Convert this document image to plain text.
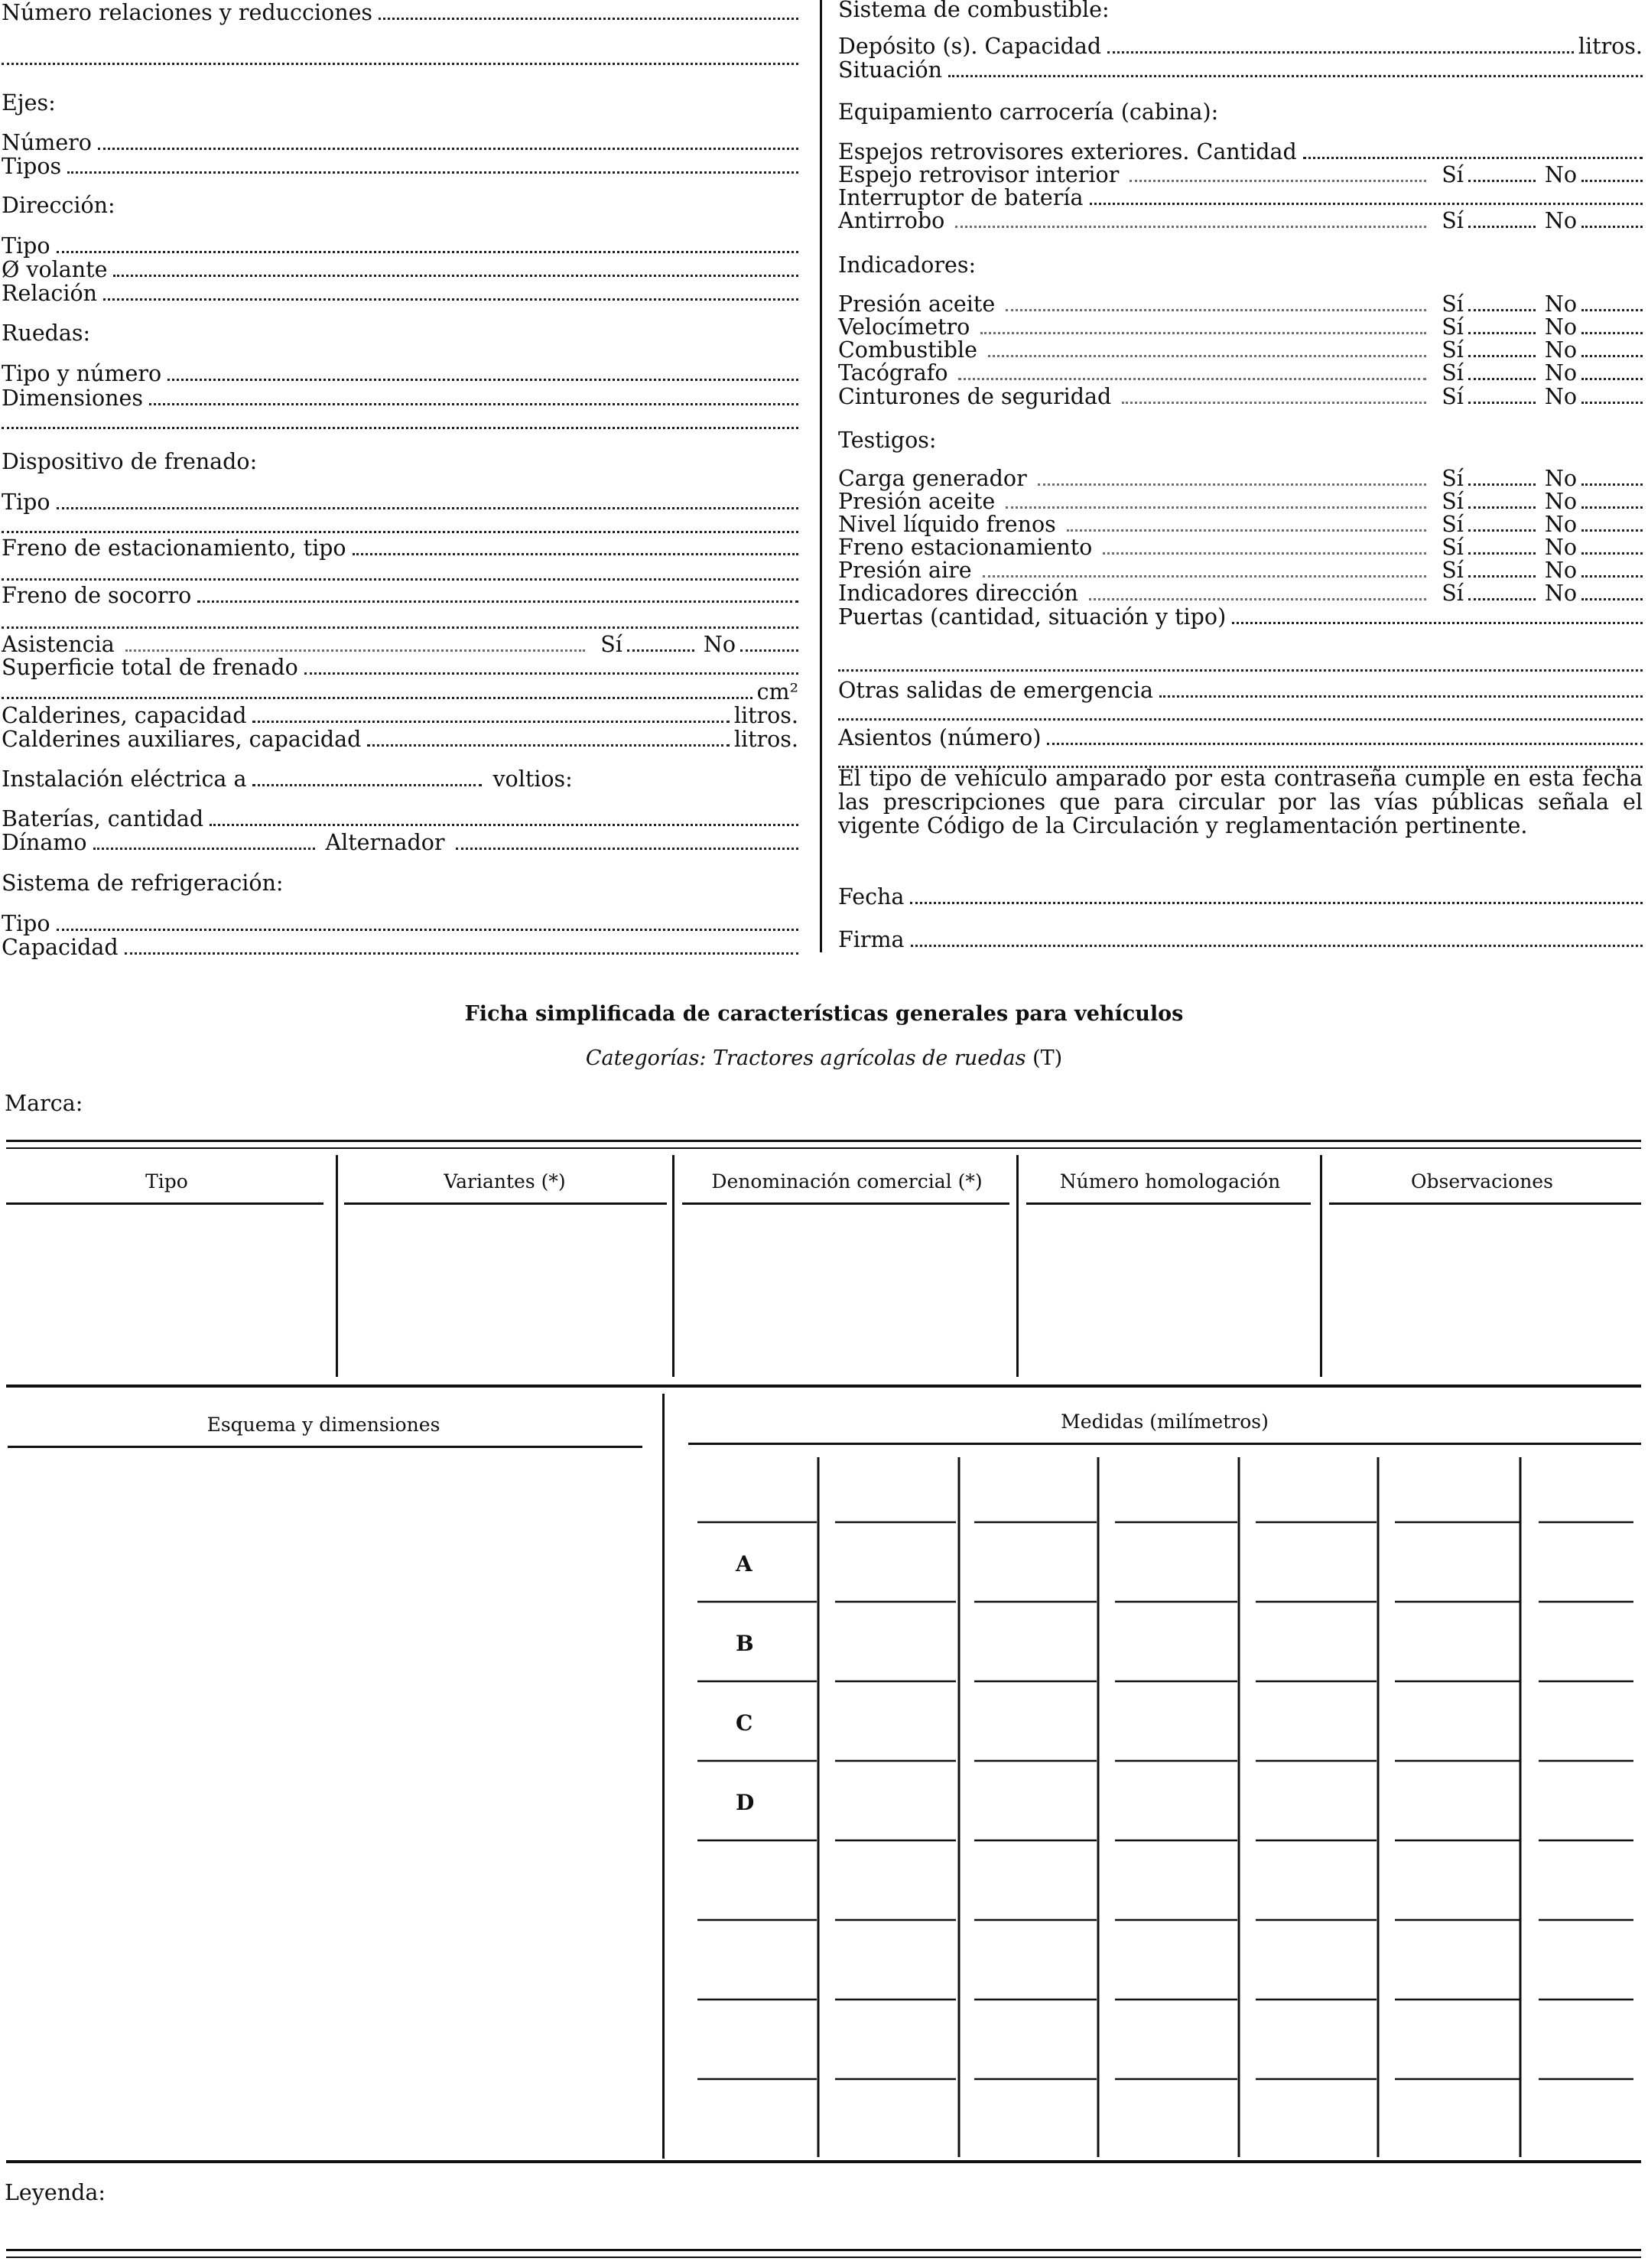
Número relaciones y reducciones
Ejes:
Número
Tipos
Dirección:
Tipo
Ø volante
Relación
Ruedas:
Tipo y número
Dimensiones
Dispositivo de frenado:
Tipo
Freno de estacionamiento, tipo
Freno de socorro
Asistencia	Sí	No
Superficie total de frenado
cm²
Calderines, capacidad	litros.
Calderines auxiliares, capacidad	litros.
Instalación eléctrica a	voltios:
Baterías, cantidad
Dínamo	Alternador
Sistema de refrigeración:
Tipo
Capacidad
Sistema de combustible:
Depósito (s). Capacidad	litros.
Situación
Equipamiento carrocería (cabina):
Espejos retrovisores exteriores. Cantidad
Espejo retrovisor interior	Sí	No
Interruptor de batería
Antirrobo	Sí	No
Indicadores:
Presión aceite	Sí	No
Velocímetro	Sí	No
Combustible	Sí	No
Tacógrafo	Sí	No
Cinturones de seguridad	Sí	No
Testigos:
Carga generador	Sí	No
Presión aceite	Sí	No
Nivel líquido frenos	Sí	No
Freno estacionamiento	Sí	No
Presión aire	Sí	No
Indicadores dirección	Sí	No
Puertas (cantidad, situación y tipo)
Otras salidas de emergencia
Asientos (número)
El tipo de vehículo amparado por esta contraseña cumple en esta fecha las prescripciones que para circular por las vías públicas señala el vigente Código de la Circulación y reglamentación pertinente.
Fecha
Firma
Ficha simplificada de características generales para vehículos
Categorías: Tractores agrícolas de ruedas (T)
Marca:
Tipo	Variantes (*)	Denominación comercial (*)	Número homologación	Observaciones
Esquema y dimensiones	Medidas (milímetros)
A
B
C
D
Leyenda:
